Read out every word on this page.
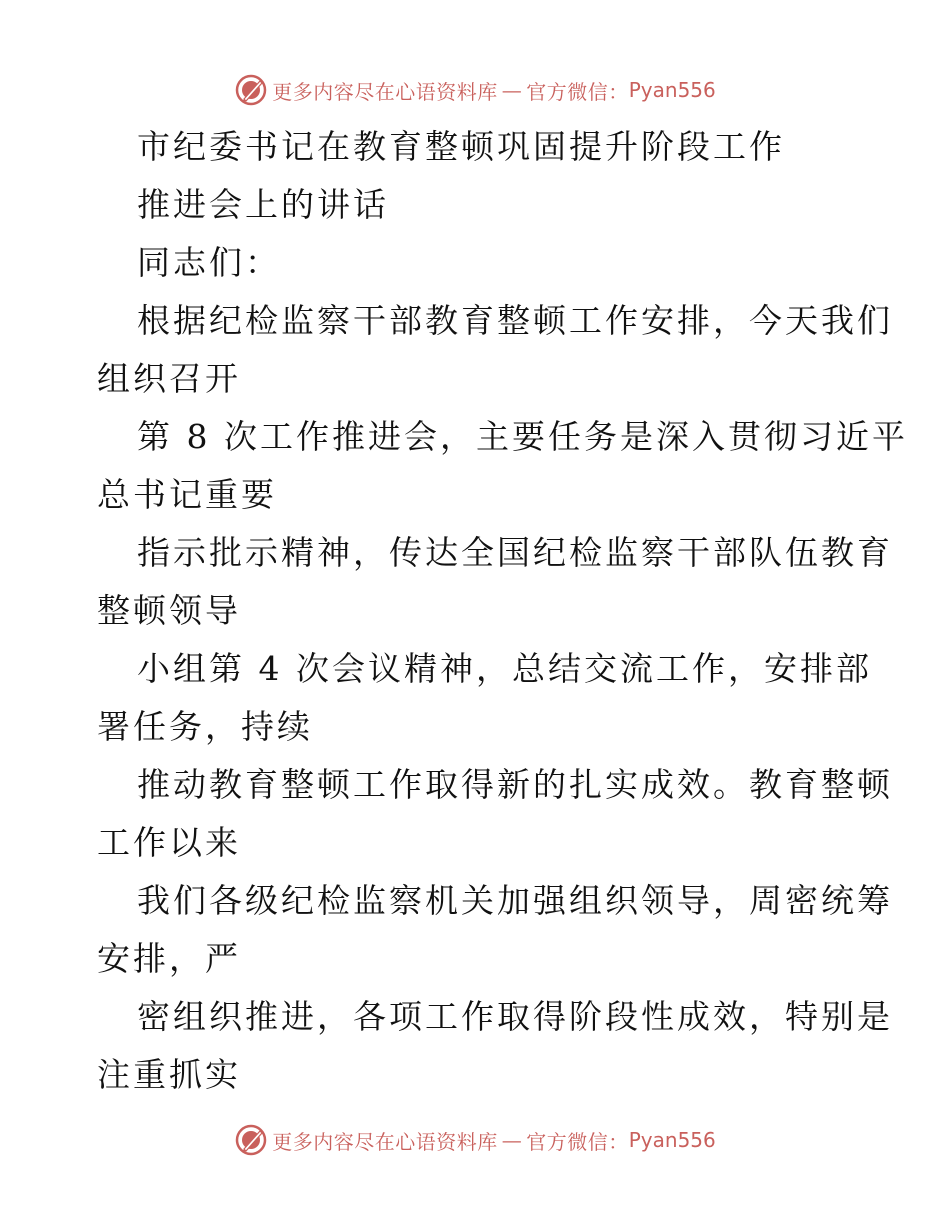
更多内容尽在心语资料库 — 官方微信： Pyan556
市纪委书记在教育整顿巩固提升阶段工作
推进会上的讲话
同志们：
根据纪检监察干部教育整顿工作安排，今天我们
组织召开
第 8 次工作推进会，主要任务是深入贯彻习近平
总书记重要
指示批示精神，传达全国纪检监察干部队伍教育
整顿领导
小组第 4 次会议精神，总结交流工作，安排部
署任务，持续
推动教育整顿工作取得新的扎实成效。教育整顿
工作以来
我们各级纪检监察机关加强组织领导，周密统筹
安排，严
密组织推进，各项工作取得阶段性成效，特别是
注重抓实
更多内容尽在心语资料库 — 官方微信： Pyan556
